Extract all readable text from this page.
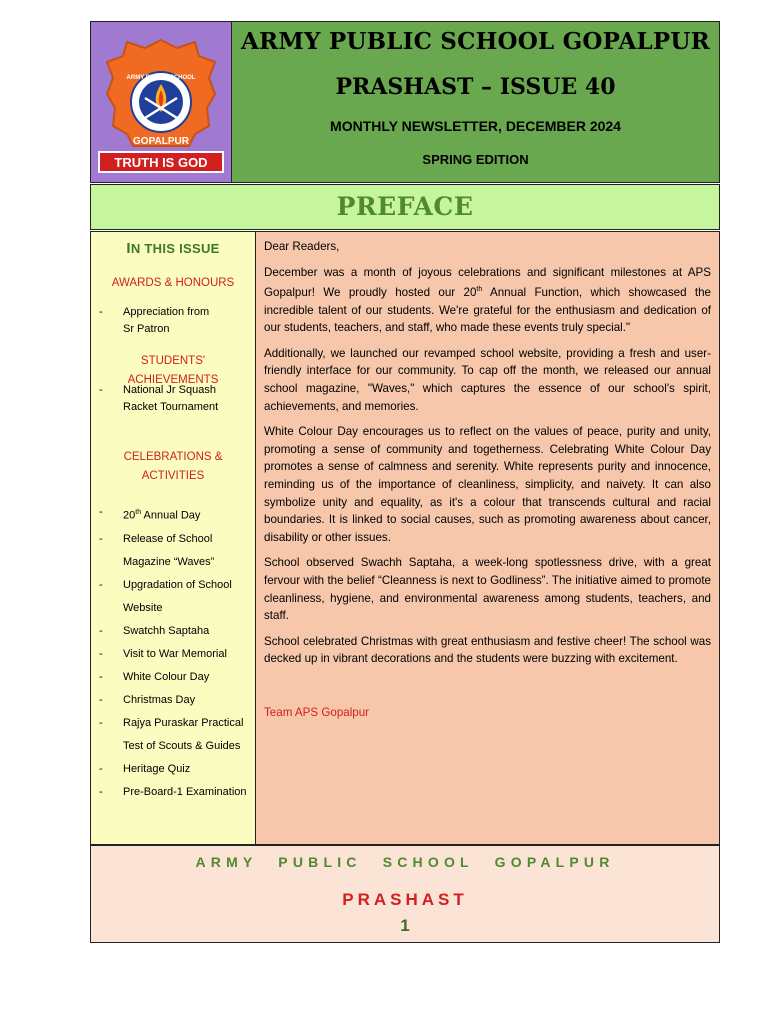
ARMY PUBLIC SCHOOL
GOPALPUR
TRUTH IS GOD
ARMY PUBLIC SCHOOL GOPALPUR
PRASHAST – ISSUE 40
MONTHLY NEWSLETTER, DECEMBER 2024
SPRING EDITION
PREFACE
IN THIS ISSUE
AWARDS & HONOURS
- Appreciation from Sr Patron
STUDENTS' ACHIEVEMENTS
- National Jr Squash Racket Tournament
CELEBRATIONS & ACTIVITIES
- 20th Annual Day
- Release of School Magazine “Waves”
- Upgradation of School Website
- Swatchh Saptaha
- Visit to War Memorial
- White Colour Day
- Christmas Day
- Rajya Puraskar Practical Test of Scouts & Guides
- Heritage Quiz
- Pre-Board-1 Examination

Dear Readers,

December was a month of joyous celebrations and significant milestones at APS Gopalpur! We proudly hosted our 20th Annual Function, which showcased the incredible talent of our students. We're grateful for the enthusiasm and dedication of our students, teachers, and staff, who made these events truly special."

Additionally, we launched our revamped school website, providing a fresh and user-friendly interface for our community. To cap off the month, we released our annual school magazine, "Waves," which captures the essence of our school's spirit, achievements, and memories.

White Colour Day encourages us to reflect on the values of peace, purity and unity, promoting a sense of community and togetherness. Celebrating White Colour Day promotes a sense of calmness and serenity. White represents purity and innocence, reminding us of the importance of cleanliness, simplicity, and naivety. It can also symbolize unity and equality, as it's a colour that transcends cultural and racial boundaries. It is linked to social causes, such as promoting awareness about cancer, disability or other issues.

School observed Swachh Saptaha, a week-long spotlessness drive, with a great fervour with the belief “Cleanness is next to Godliness”. The initiative aimed to promote cleanliness, hygiene, and environmental awareness among students, teachers, and staff.

School celebrated Christmas with great enthusiasm and festive cheer! The school was decked up in vibrant decorations and the students were buzzing with excitement.

Team APS Gopalpur

ARMY PUBLIC SCHOOL GOPALPUR
PRASHAST
1
